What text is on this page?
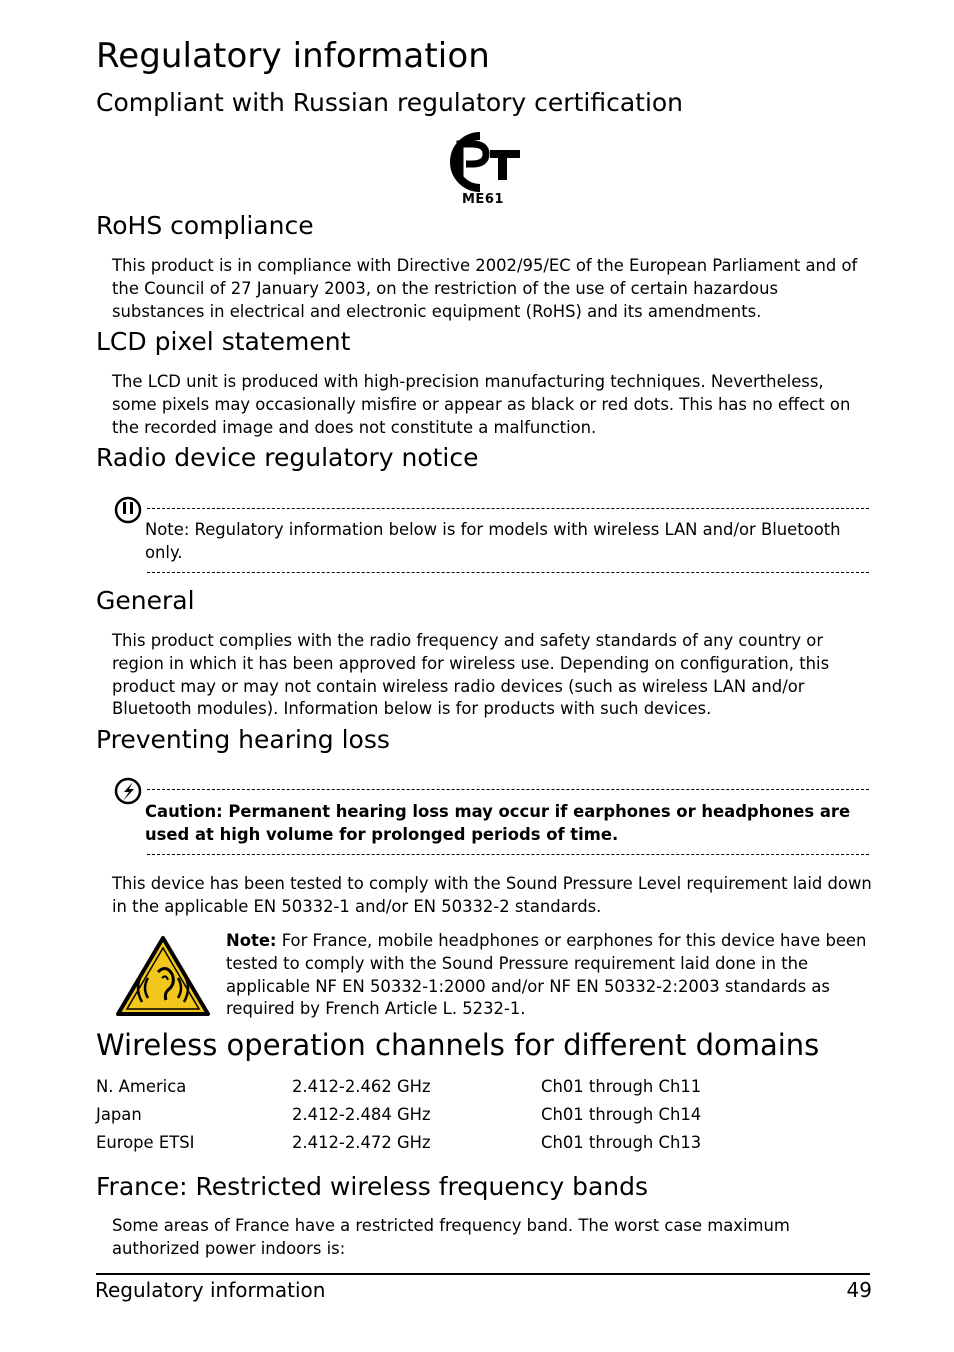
Regulatory information
Compliant with Russian regulatory certification
ME61
RoHS compliance
This product is in compliance with Directive 2002/95/EC of the European Parliament and of the Council of 27 January 2003, on the restriction of the use of certain hazardous substances in electrical and electronic equipment (RoHS) and its amendments.
LCD pixel statement
The LCD unit is produced with high-precision manufacturing techniques. Nevertheless, some pixels may occasionally misfire or appear as black or red dots. This has no effect on the recorded image and does not constitute a malfunction.
Radio device regulatory notice
Note: Regulatory information below is for models with wireless LAN and/or Bluetooth only.
General
This product complies with the radio frequency and safety standards of any country or region in which it has been approved for wireless use. Depending on configuration, this product may or may not contain wireless radio devices (such as wireless LAN and/or Bluetooth modules). Information below is for products with such devices.
Preventing hearing loss
Caution: Permanent hearing loss may occur if earphones or headphones are used at high volume for prolonged periods of time.
This device has been tested to comply with the Sound Pressure Level requirement laid down in the applicable EN 50332-1 and/or EN 50332-2 standards.
Note: For France, mobile headphones or earphones for this device have been tested to comply with the Sound Pressure requirement laid done in the applicable NF EN 50332-1:2000 and/or NF EN 50332-2:2003 standards as required by French Article L. 5232-1.
Wireless operation channels for different domains
N. America	2.412-2.462 GHz	Ch01 through Ch11
Japan	2.412-2.484 GHz	Ch01 through Ch14
Europe ETSI	2.412-2.472 GHz	Ch01 through Ch13
France: Restricted wireless frequency bands
Some areas of France have a restricted frequency band. The worst case maximum authorized power indoors is:
Regulatory information	49
